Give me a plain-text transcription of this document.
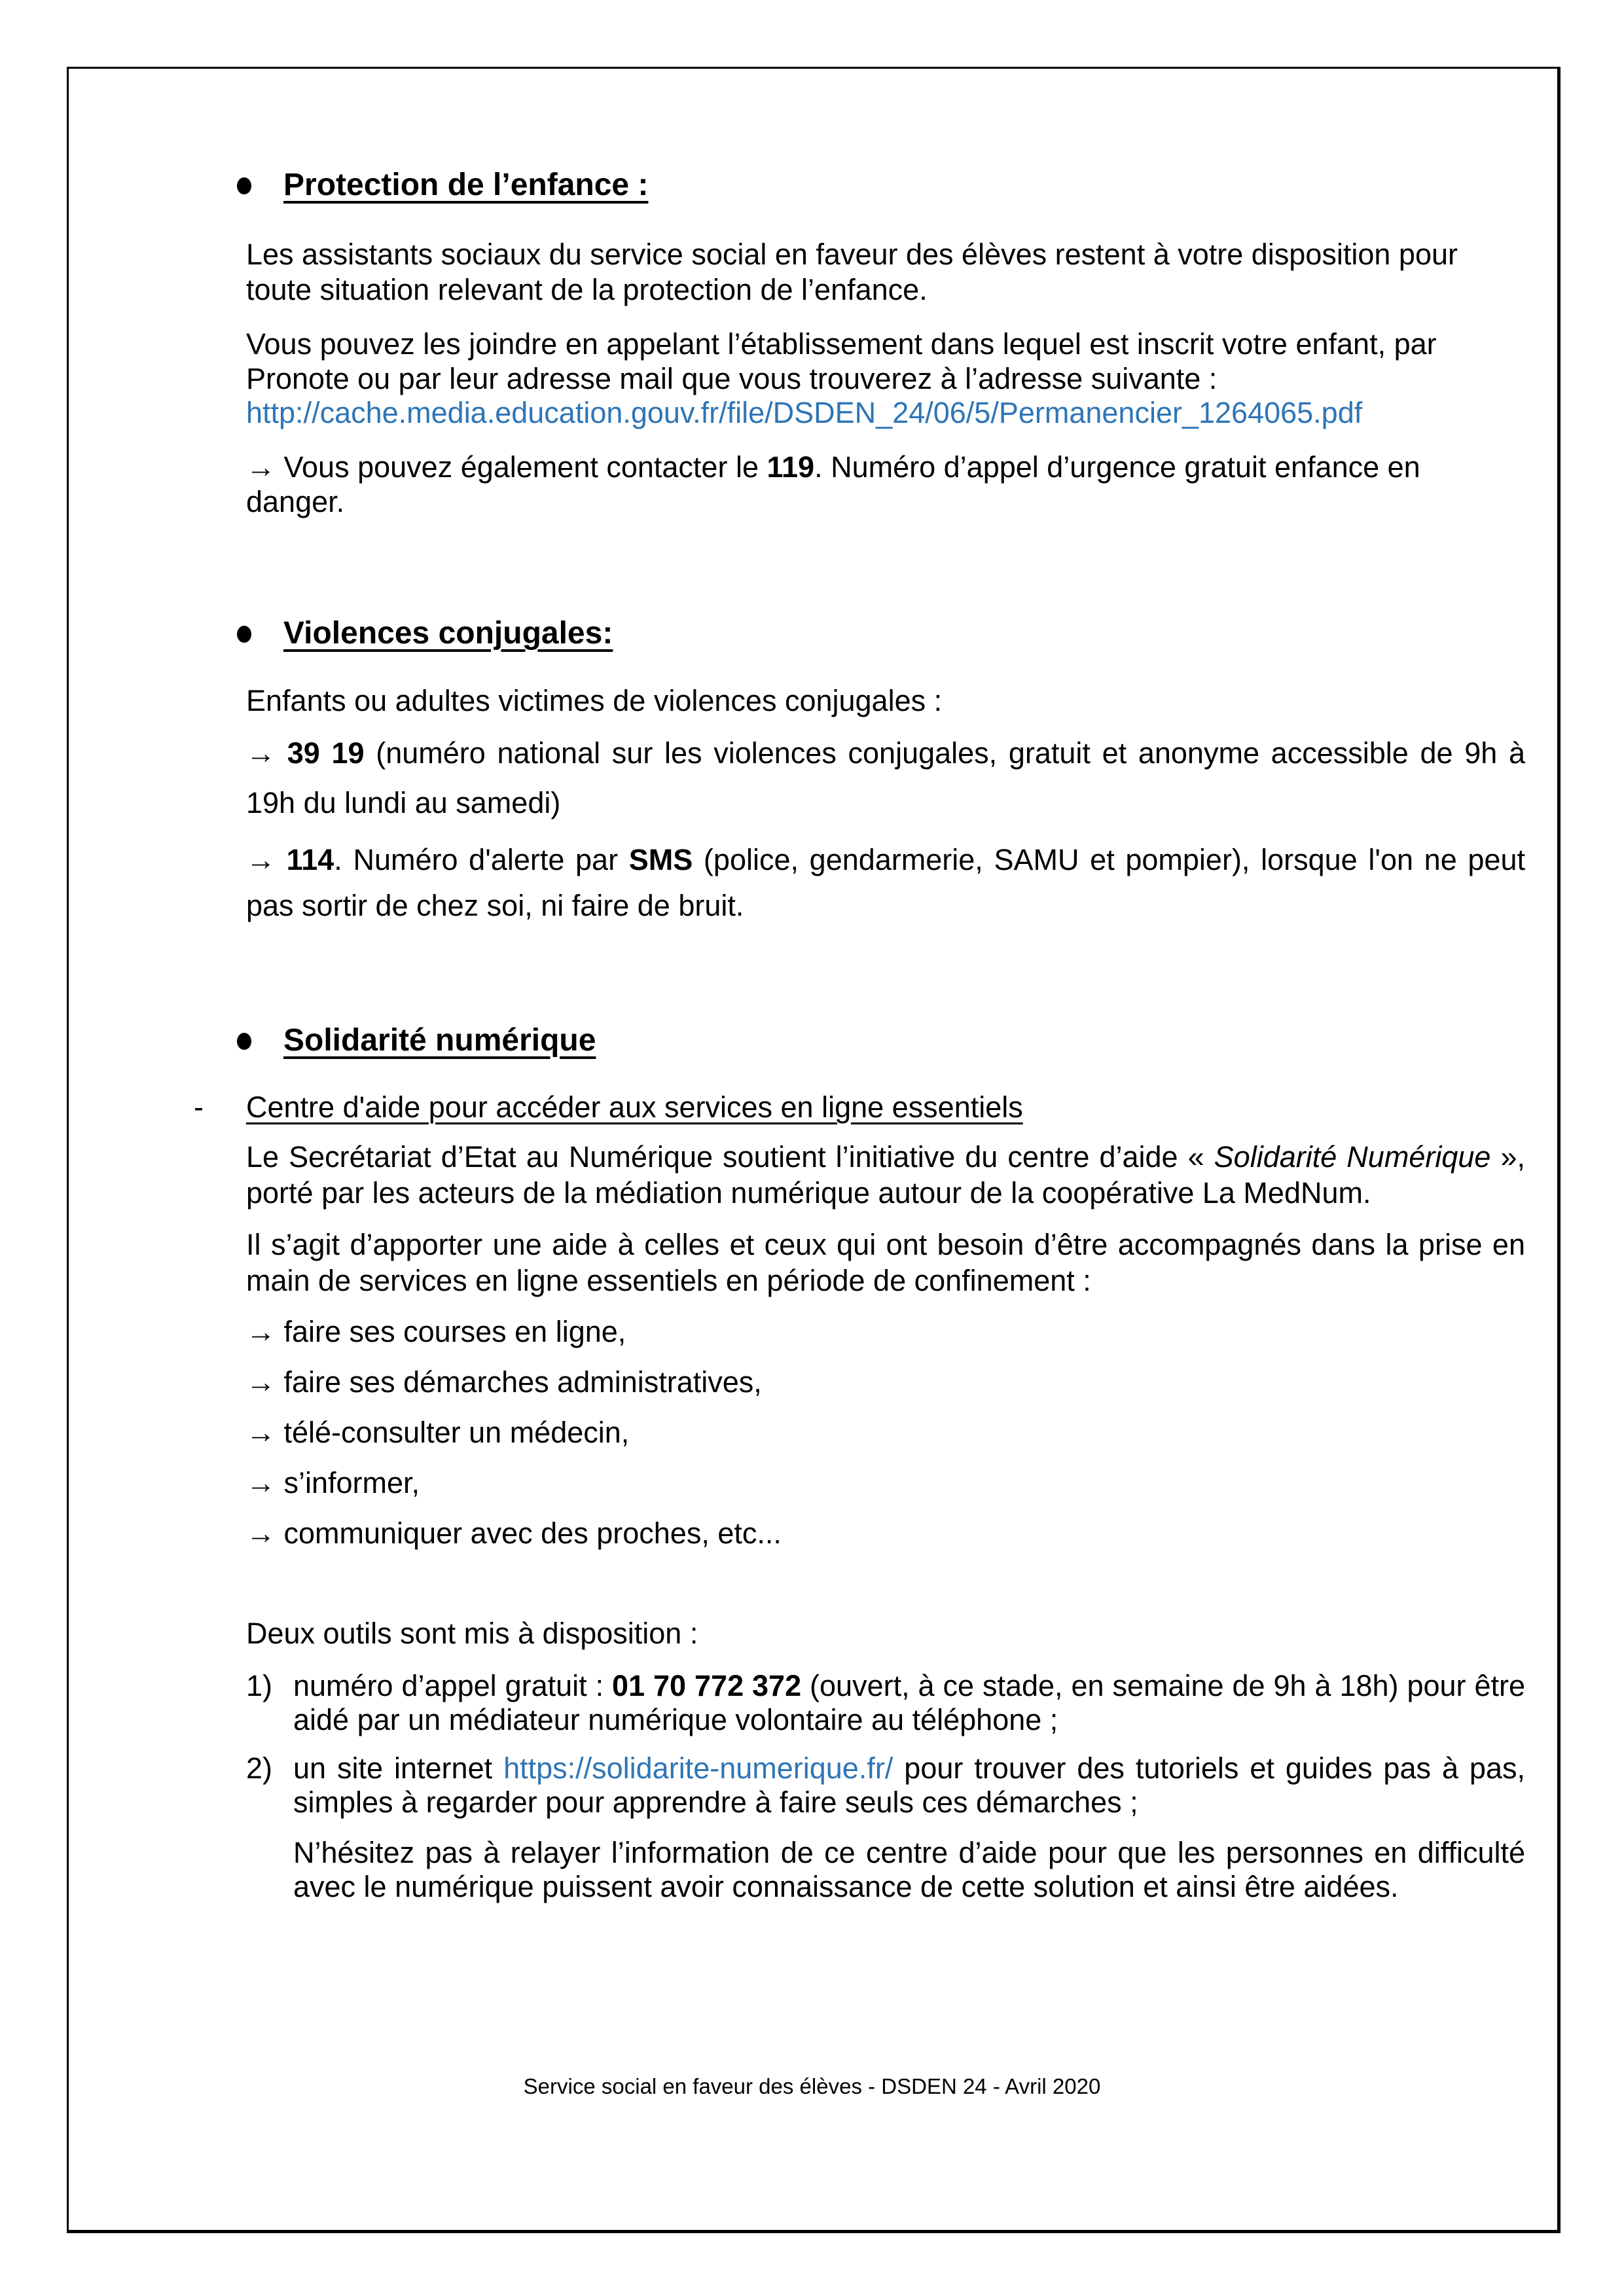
Protection de l’enfance :
Les assistants sociaux du service social en faveur des élèves restent à votre disposition pour toute situation relevant de la protection de l’enfance.
Vous pouvez les joindre en appelant l’établissement dans lequel est inscrit votre enfant, par Pronote ou par leur adresse mail que vous trouverez à l’adresse suivante :
http://cache.media.education.gouv.fr/file/DSDEN_24/06/5/Permanencier_1264065.pdf
→ Vous pouvez également contacter le 119. Numéro d’appel d’urgence gratuit enfance en danger.
Violences conjugales:
Enfants ou adultes victimes de violences conjugales :
→ 39 19 (numéro national sur les violences conjugales, gratuit et anonyme accessible de 9h à 19h du lundi au samedi)
→ 114. Numéro d'alerte par SMS (police, gendarmerie, SAMU et pompier), lorsque l'on ne peut pas sortir de chez soi, ni faire de bruit.
Solidarité numérique
- Centre d'aide pour accéder aux services en ligne essentiels
Le Secrétariat d’Etat au Numérique soutient l’initiative du centre d’aide « Solidarité Numérique », porté par les acteurs de la médiation numérique autour de la coopérative La MedNum.
Il s’agit d’apporter une aide à celles et ceux qui ont besoin d’être accompagnés dans la prise en main de services en ligne essentiels en période de confinement :
→ faire ses courses en ligne,
→ faire ses démarches administratives,
→ télé-consulter un médecin,
→ s’informer,
→ communiquer avec des proches, etc...
Deux outils sont mis à disposition :
1) numéro d’appel gratuit : 01 70 772 372 (ouvert, à ce stade, en semaine de 9h à 18h) pour être aidé par un médiateur numérique volontaire au téléphone ;
2) un site internet https://solidarite-numerique.fr/ pour trouver des tutoriels et guides pas à pas, simples à regarder pour apprendre à faire seuls ces démarches ;
N’hésitez pas à relayer l’information de ce centre d’aide pour que les personnes en difficulté avec le numérique puissent avoir connaissance de cette solution et ainsi être aidées.
Service social en faveur des élèves - DSDEN 24 - Avril 2020
